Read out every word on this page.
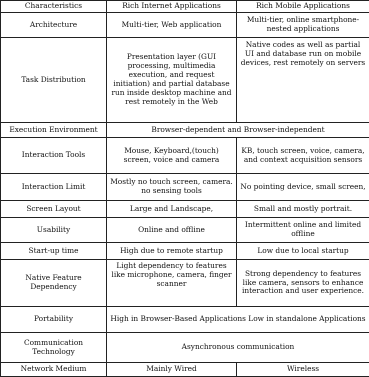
Characteristics	Rich Internet Applications	Rich Mobile Applications
Architecture	Multi-tier, Web application	Multi-tier, online smartphone-nested applications
Task Distribution	Presentation layer (GUI processing, multimedia execution, and request initiation) and partial database run inside desktop machine and rest remotely in the Web	Native codes as well as partial UI and database run on mobile devices, rest remotely on servers
Execution Environment	Browser-dependent and Browser-independent	
Interaction Tools	Mouse, Keyboard,(touch) screen, voice and camera	KB, touch screen, voice, camera, and context acquisition sensors
Interaction Limit	Mostly no touch screen, camera. no sensing tools	No pointing device, small screen,
Screen Layout	Large and Landscape,	Small and mostly portrait.
Usability	Online and offline	Intermittent online and limited offline
Start-up time	High due to remote startup	Low due to local startup
Native Feature Dependency	Light dependency to features like microphone, camera, finger scanner	Strong dependency to features like camera, sensors to enhance interaction and user experience.
Portability	High in Browser-Based Applications Low in standalone Applications	
Communication Technology	Asynchronous communication	
Network Medium	Mainly Wired	Wireless
